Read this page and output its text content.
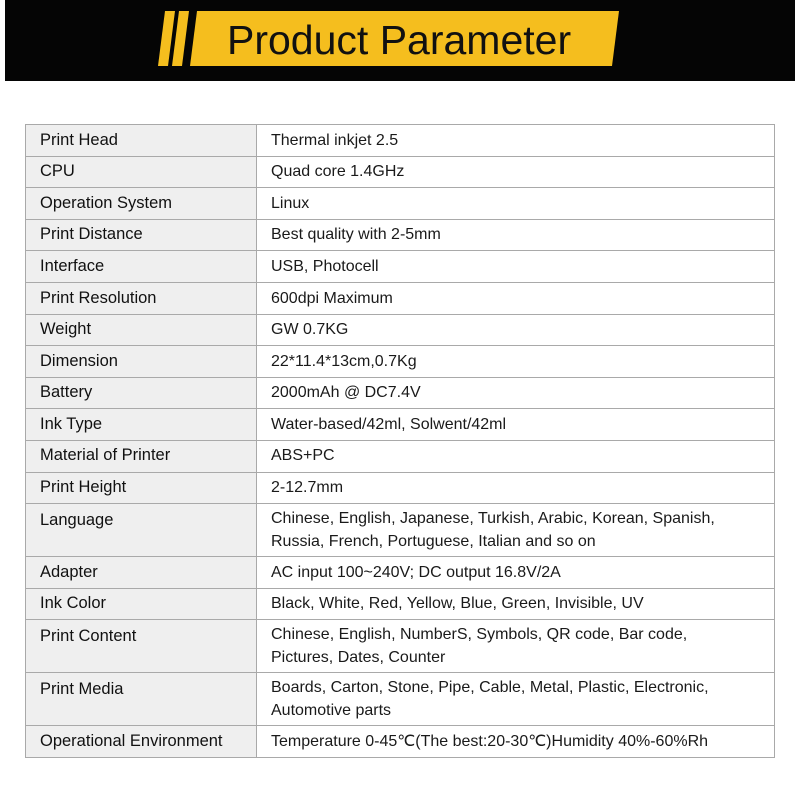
Product Parameter
Print Head	Thermal inkjet 2.5
CPU	Quad core 1.4GHz
Operation System	Linux
Print Distance	Best quality with 2-5mm
Interface	USB, Photocell
Print Resolution	600dpi Maximum
Weight	GW 0.7KG
Dimension	22*11.4*13cm,0.7Kg
Battery	2000mAh @ DC7.4V
Ink Type	Water-based/42ml, Solwent/42ml
Material of Printer	ABS+PC
Print Height	2-12.7mm
Language	Chinese, English, Japanese, Turkish, Arabic, Korean, Spanish,
Russia, French, Portuguese, Italian and so on

Adapter	AC input 100~240V; DC output 16.8V/2A
Ink Color	Black, White, Red, Yellow, Blue, Green, Invisible, UV
Print Content	Chinese, English, NumberS, Symbols, QR code, Bar code,
Pictures, Dates, Counter

Print Media	Boards, Carton, Stone, Pipe, Cable, Metal, Plastic, Electronic,
Automotive parts

Operational Environment	Temperature 0-45℃(The best:20-30℃)Humidity 40%-60%Rh
